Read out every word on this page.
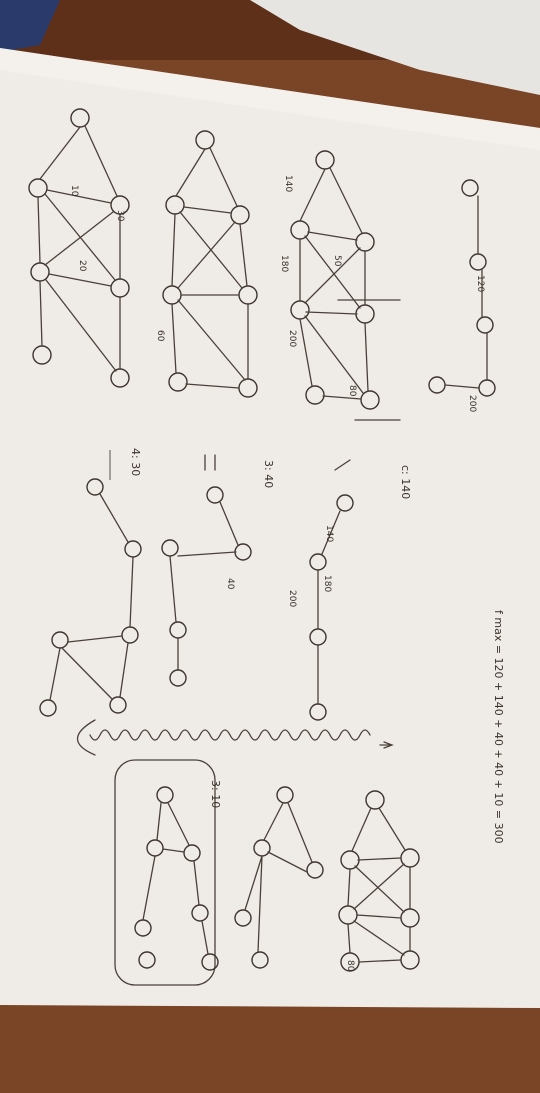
f max = 120 + 140 + 40 + 40 + 10 = 300
c: 140
3: 40
4: 30
3: 10
200
200
200
180
180
120
140
140
80
80
60
50
40
30
20
10
